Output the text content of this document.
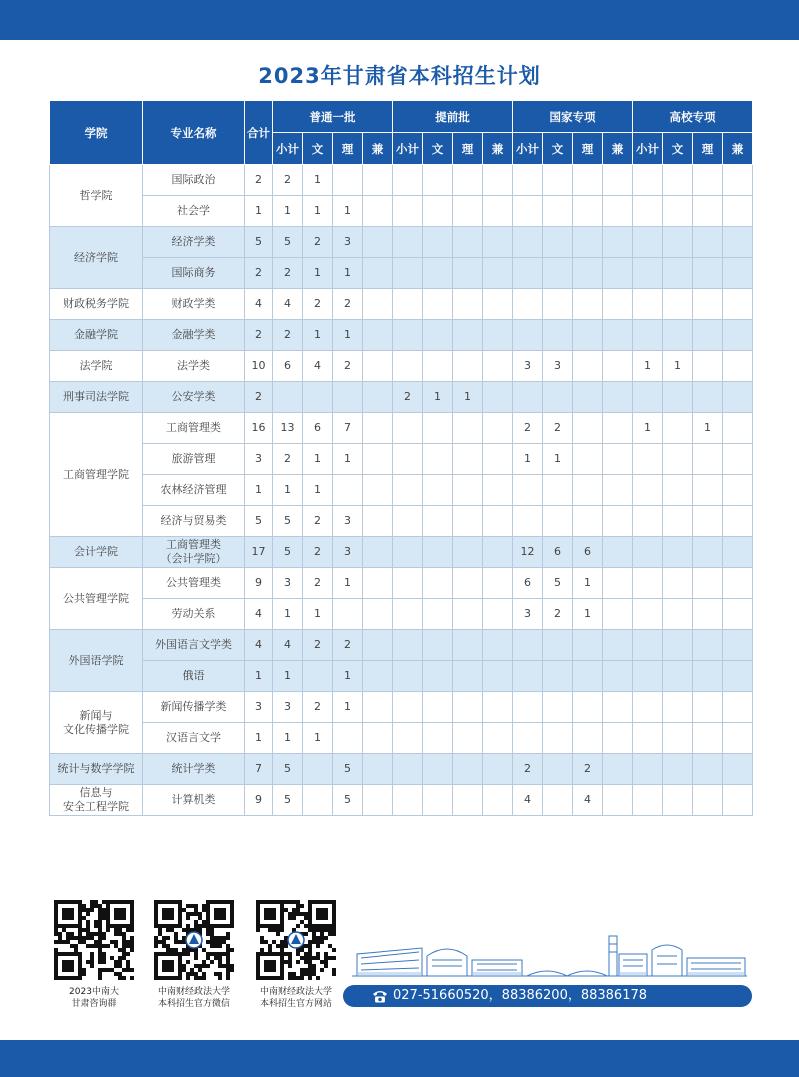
2023年甘肃省本科招生计划
学院	专业名称	合计	普通一批				提前批				国家专项				高校专项			
			小计	文	理	兼	小计	文	理	兼	小计	文	理	兼	小计	文	理	兼
哲学院	国际政治	2	2	1														
	社会学	1	1	1	1													
经济学院	经济学类	5	5	2	3													
	国际商务	2	2	1	1													
财政税务学院	财政学类	4	4	2	2													
金融学院	金融学类	2	2	1	1													
法学院	法学类	10	6	4	2						3	3			1	1		
刑事司法学院	公安学类	2					2	1	1									
工商管理学院	工商管理类	16	13	6	7						2	2			1		1	
	旅游管理	3	2	1	1						1	1						
	农林经济管理	1	1	1														
	经济与贸易类	5	5	2	3													
会计学院	工商管理类
（会计学院）	17	5	2	3						12	6	6					
公共管理学院	公共管理类	9	3	2	1						6	5	1					
	劳动关系	4	1	1							3	2	1					
外国语学院	外国语言文学类	4	4	2	2													
	俄语	1	1		1													
新闻与
文化传播学院	新闻传播学类	3	3	2	1													
	汉语言文学	1	1	1														
统计与数学学院	统计学类	7	5		5						2		2					
信息与
安全工程学院	计算机类	9	5		5						4		4					
2023中南大
甘肃咨询群
中南财经政法大学
本科招生官方微信
中南财经政法大学
本科招生官方网站
027-51660520，88386200，88386178
